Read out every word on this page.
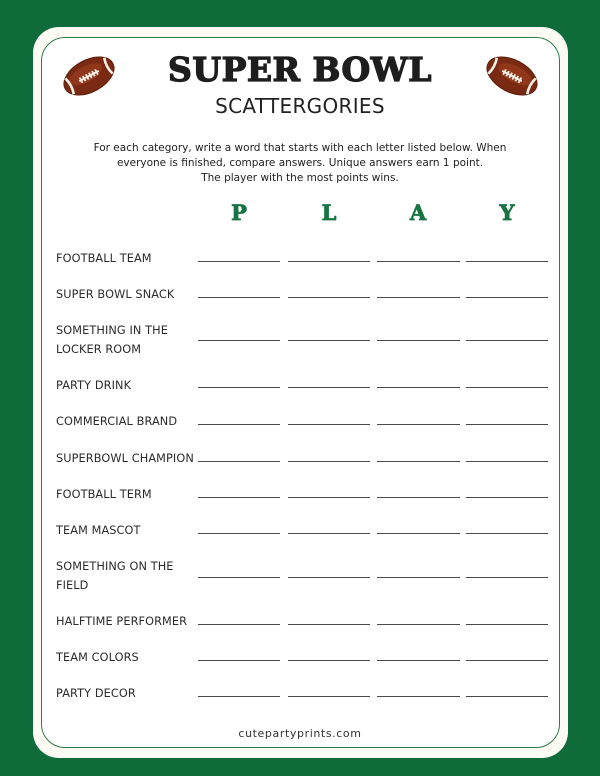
SUPER BOWL
SCATTERGORIES
For each category, write a word that starts with each letter listed below. When
everyone is finished, compare answers. Unique answers earn 1 point.
The player with the most points wins.
P	L	A	Y
FOOTBALL TEAM
SUPER BOWL SNACK
SOMETHING IN THE
LOCKER ROOM
PARTY DRINK
COMMERCIAL BRAND
SUPERBOWL CHAMPION
FOOTBALL TERM
TEAM MASCOT
SOMETHING ON THE
FIELD
HALFTIME PERFORMER
TEAM COLORS
PARTY DECOR
cutepartyprints.com
